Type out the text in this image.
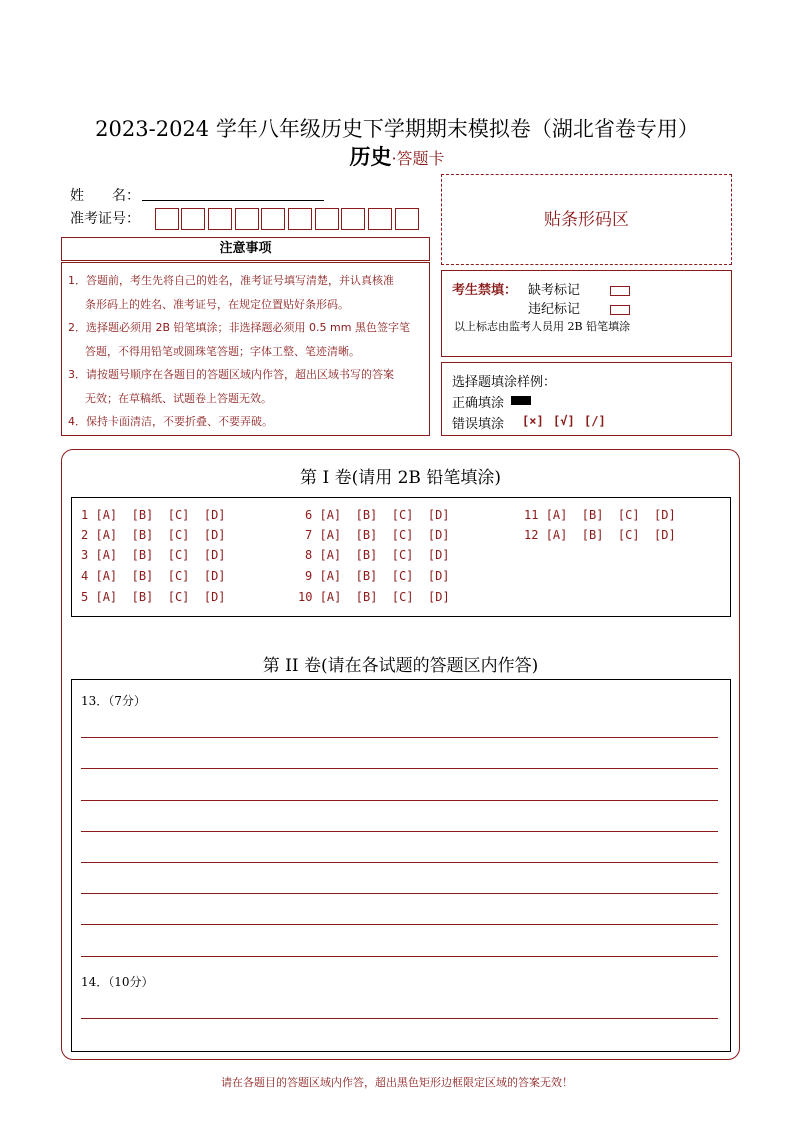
2023-2024 学年八年级历史下学期期末模拟卷（湖北省卷专用）
历史·答题卡
姓　　名：
准考证号：
注意事项
1．答题前，考生先将自己的姓名，准考证号填写清楚，并认真核准
条形码上的姓名、准考证号，在规定位置贴好条形码。
2．选择题必须用 2B 铅笔填涂；非选择题必须用 0.5 mm 黑色签字笔
答题，不得用铅笔或圆珠笔答题；字体工整、笔迹清晰。
3．请按题号顺序在各题目的答题区域内作答，超出区域书写的答案
无效；在草稿纸、试题卷上答题无效。
4．保持卡面清洁，不要折叠、不要弄破。
贴条形码区
考生禁填： 缺考标记
违纪标记
以上标志由监考人员用 2B 铅笔填涂
选择题填涂样例：
正确填涂
错误填涂 [×] [√] [/]
第 I 卷(请用 2B 铅笔填涂)
1 [A]  [B]  [C]  [D]
2 [A]  [B]  [C]  [D]
3 [A]  [B]  [C]  [D]
4 [A]  [B]  [C]  [D]
5 [A]  [B]  [C]  [D]
6 [A]  [B]  [C]  [D]
7 [A]  [B]  [C]  [D]
8 [A]  [B]  [C]  [D]
9 [A]  [B]  [C]  [D]
10 [A]  [B]  [C]  [D]
11 [A]  [B]  [C]  [D]
12 [A]  [B]  [C]  [D]
第 II 卷(请在各试题的答题区内作答)
13．（7分）
14．（10分）
请在各题目的答题区域内作答，超出黑色矩形边框限定区域的答案无效！
